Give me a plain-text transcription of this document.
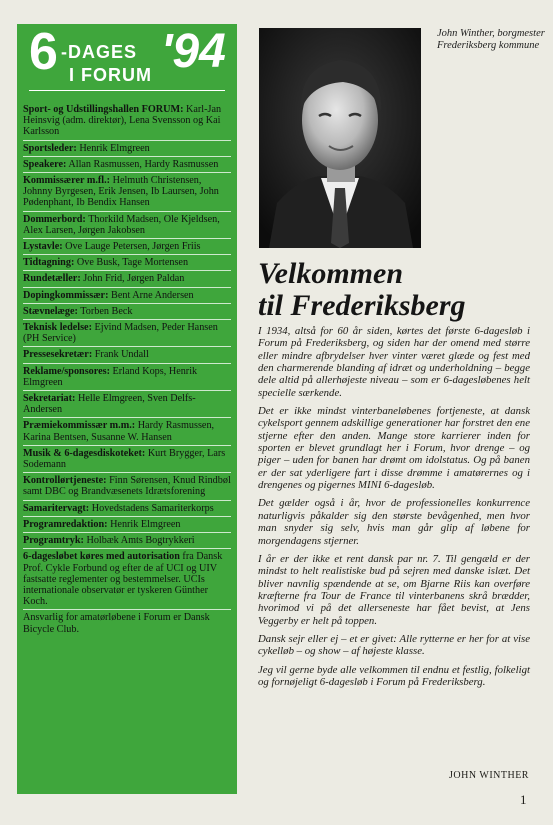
6 -DAGES
I FORUM '94
Sport- og Udstillingshallen FORUM: Karl-Jan Heinsvig (adm. direktør), Lena Svensson og Kai Karlsson
Sportsleder: Henrik Elmgreen
Speakere: Allan Rasmussen, Hardy Rasmussen
Kommissærer m.fl.: Helmuth Christensen, Johnny Byrgesen, Erik Jensen, Ib Laursen, John Pødenphant, Ib Bendix Hansen
Dommerbord: Thorkild Madsen, Ole Kjeldsen, Alex Larsen, Jørgen Jakobsen
Lystavle: Ove Lauge Petersen, Jørgen Friis
Tidtagning: Ove Busk, Tage Mortensen
Rundetæller: John Frid, Jørgen Paldan
Dopingkommissær: Bent Arne Andersen
Stævnelæge: Torben Beck
Teknisk ledelse: Ejvind Madsen, Peder Hansen (PH Service)
Pressesekretær: Frank Undall
Reklame/sponsores: Erland Kops, Henrik Elmgreen
Sekretariat: Helle Elmgreen, Sven Delfs-Andersen
Præmiekommissær m.m.: Hardy Rasmussen, Karina Bentsen, Susanne W. Hansen
Musik & 6-dagesdiskoteket: Kurt Brygger, Lars Sodemann
Kontrollørtjeneste: Finn Sørensen, Knud Rindbøl samt DBC og Brandvæsenets Idrætsforening
Samaritervagt: Hovedstadens Samariterkorps
Programredaktion: Henrik Elmgreen
Programtryk: Holbæk Amts Bogtrykkeri
6-dagesløbet køres med autorisation fra Dansk Prof. Cykle Forbund og efter de af UCI og UIV fastsatte reglementer og bestemmelser. UCIs internationale observatør er tyskeren Günther Koch.
Ansvarlig for amatørløbene i Forum er Dansk Bicycle Club.
John Winther, borgmester Frederiksberg kommune
Velkommen
til Frederiksberg

I 1934, altså for 60 år siden, kørtes det første 6-dagesløb i Forum på Frederiksberg, og siden har der omend med større eller mindre afbrydelser hver vinter været glæde og fest med den charmerende blanding af idræt og underholdning – begge dele altid på allerhøjeste niveau – som er 6-dagesløbenes helt specielle særkende.

Det er ikke mindst vinterbaneløbenes fortjeneste, at dansk cykelsport gennem adskillige generationer har forstret den ene stjerne efter den anden. Mange store karrierer inden for sporten er blevet grundlagt her i Forum, hvor drenge – og piger – uden for banen har drømt om idolstatus. Og på banen er der sat yderligere fart i disse drømme i amatørernes og i drengenes og pigernes MINI 6-dagesløb.

Det gælder også i år, hvor de professionelles konkurrence naturligvis påkalder sig den største bevågenhed, men hvor man snyder sig selv, hvis man går glip af løbene for morgendagens stjerner.

I år er der ikke et rent dansk par nr. 7. Til gengæld er der mindst to helt realistiske bud på sejren med danske islæt. Det bliver navnlig spændende at se, om Bjarne Riis kan overføre kræfterne fra Tour de France til vinterbanens skrå brædder, hvorimod vi på det allerseneste har fået bevist, at Jens Veggerby er helt på toppen.

Dansk sejr eller ej – et er givet: Alle rytterne er her for at vise cykelløb – og show – af højeste klasse.

Jeg vil gerne byde alle velkommen til endnu et festlig, folkeligt og fornøjeligt 6-dagesløb i Forum på Frederiksberg.

JOHN WINTHER
1
